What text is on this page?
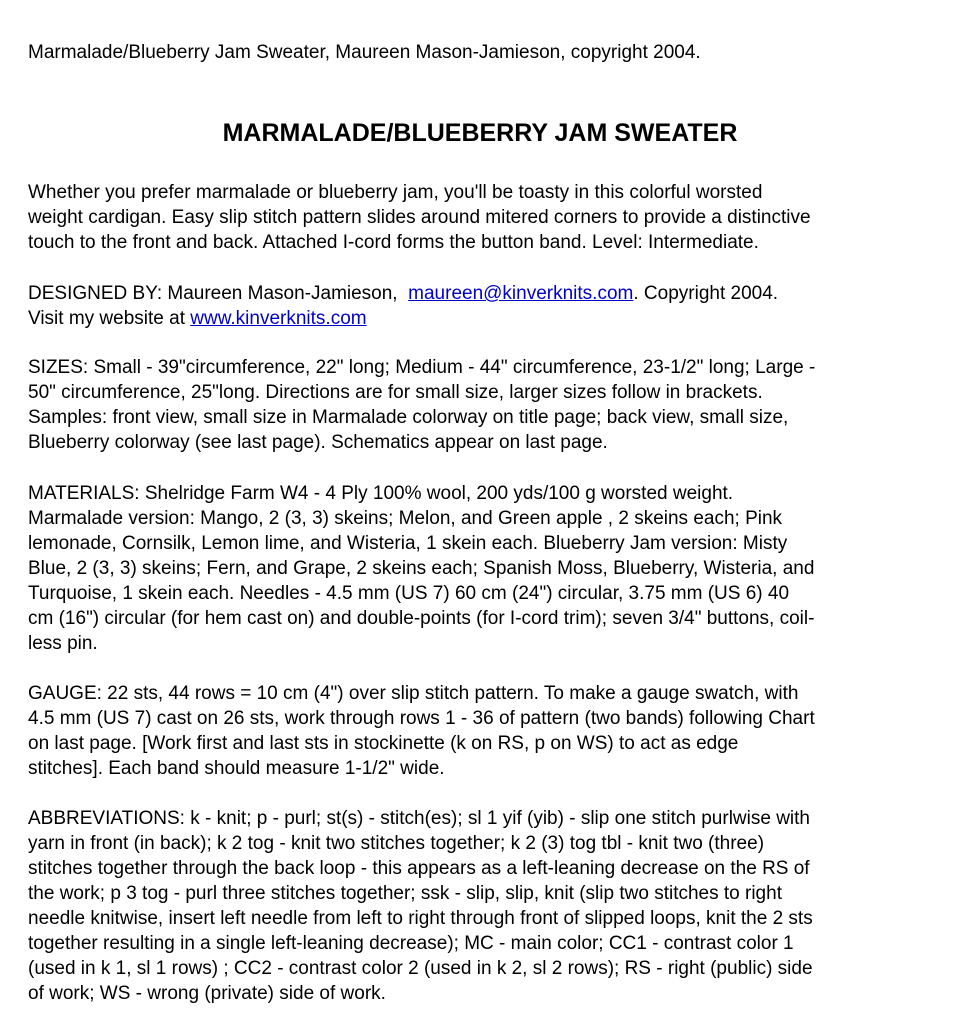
Marmalade/Blueberry Jam Sweater, Maureen Mason-Jamieson, copyright 2004.
MARMALADE/BLUEBERRY JAM SWEATER
Whether you prefer marmalade or blueberry jam, you'll be toasty in this colorful worsted
weight cardigan. Easy slip stitch pattern slides around mitered corners to provide a distinctive
touch to the front and back. Attached I-cord forms the button band. Level: Intermediate.
DESIGNED BY: Maureen Mason-Jamieson,  maureen@kinverknits.com. Copyright 2004.
Visit my website at www.kinverknits.com
SIZES: Small - 39"circumference, 22" long; Medium - 44" circumference, 23-1/2" long; Large -
50" circumference, 25"long. Directions are for small size, larger sizes follow in brackets.
Samples: front view, small size in Marmalade colorway on title page; back view, small size,
Blueberry colorway (see last page). Schematics appear on last page.
MATERIALS: Shelridge Farm W4 - 4 Ply 100% wool, 200 yds/100 g worsted weight.
Marmalade version: Mango, 2 (3, 3) skeins; Melon, and Green apple , 2 skeins each; Pink
lemonade, Cornsilk, Lemon lime, and Wisteria, 1 skein each. Blueberry Jam version: Misty
Blue, 2 (3, 3) skeins; Fern, and Grape, 2 skeins each; Spanish Moss, Blueberry, Wisteria, and
Turquoise, 1 skein each. Needles - 4.5 mm (US 7) 60 cm (24") circular, 3.75 mm (US 6) 40
cm (16") circular (for hem cast on) and double-points (for I-cord trim); seven 3/4" buttons, coil-
less pin.
GAUGE: 22 sts, 44 rows = 10 cm (4") over slip stitch pattern. To make a gauge swatch, with
4.5 mm (US 7) cast on 26 sts, work through rows 1 - 36 of pattern (two bands) following Chart
on last page. [Work first and last sts in stockinette (k on RS, p on WS) to act as edge
stitches]. Each band should measure 1-1/2" wide.
ABBREVIATIONS: k - knit; p - purl; st(s) - stitch(es); sl 1 yif (yib) - slip one stitch purlwise with
yarn in front (in back); k 2 tog - knit two stitches together; k 2 (3) tog tbl - knit two (three)
stitches together through the back loop - this appears as a left-leaning decrease on the RS of
the work; p 3 tog - purl three stitches together; ssk - slip, slip, knit (slip two stitches to right
needle knitwise, insert left needle from left to right through front of slipped loops, knit the 2 sts
together resulting in a single left-leaning decrease); MC - main color; CC1 - contrast color 1
(used in k 1, sl 1 rows) ; CC2 - contrast color 2 (used in k 2, sl 2 rows); RS - right (public) side
of work; WS - wrong (private) side of work.
